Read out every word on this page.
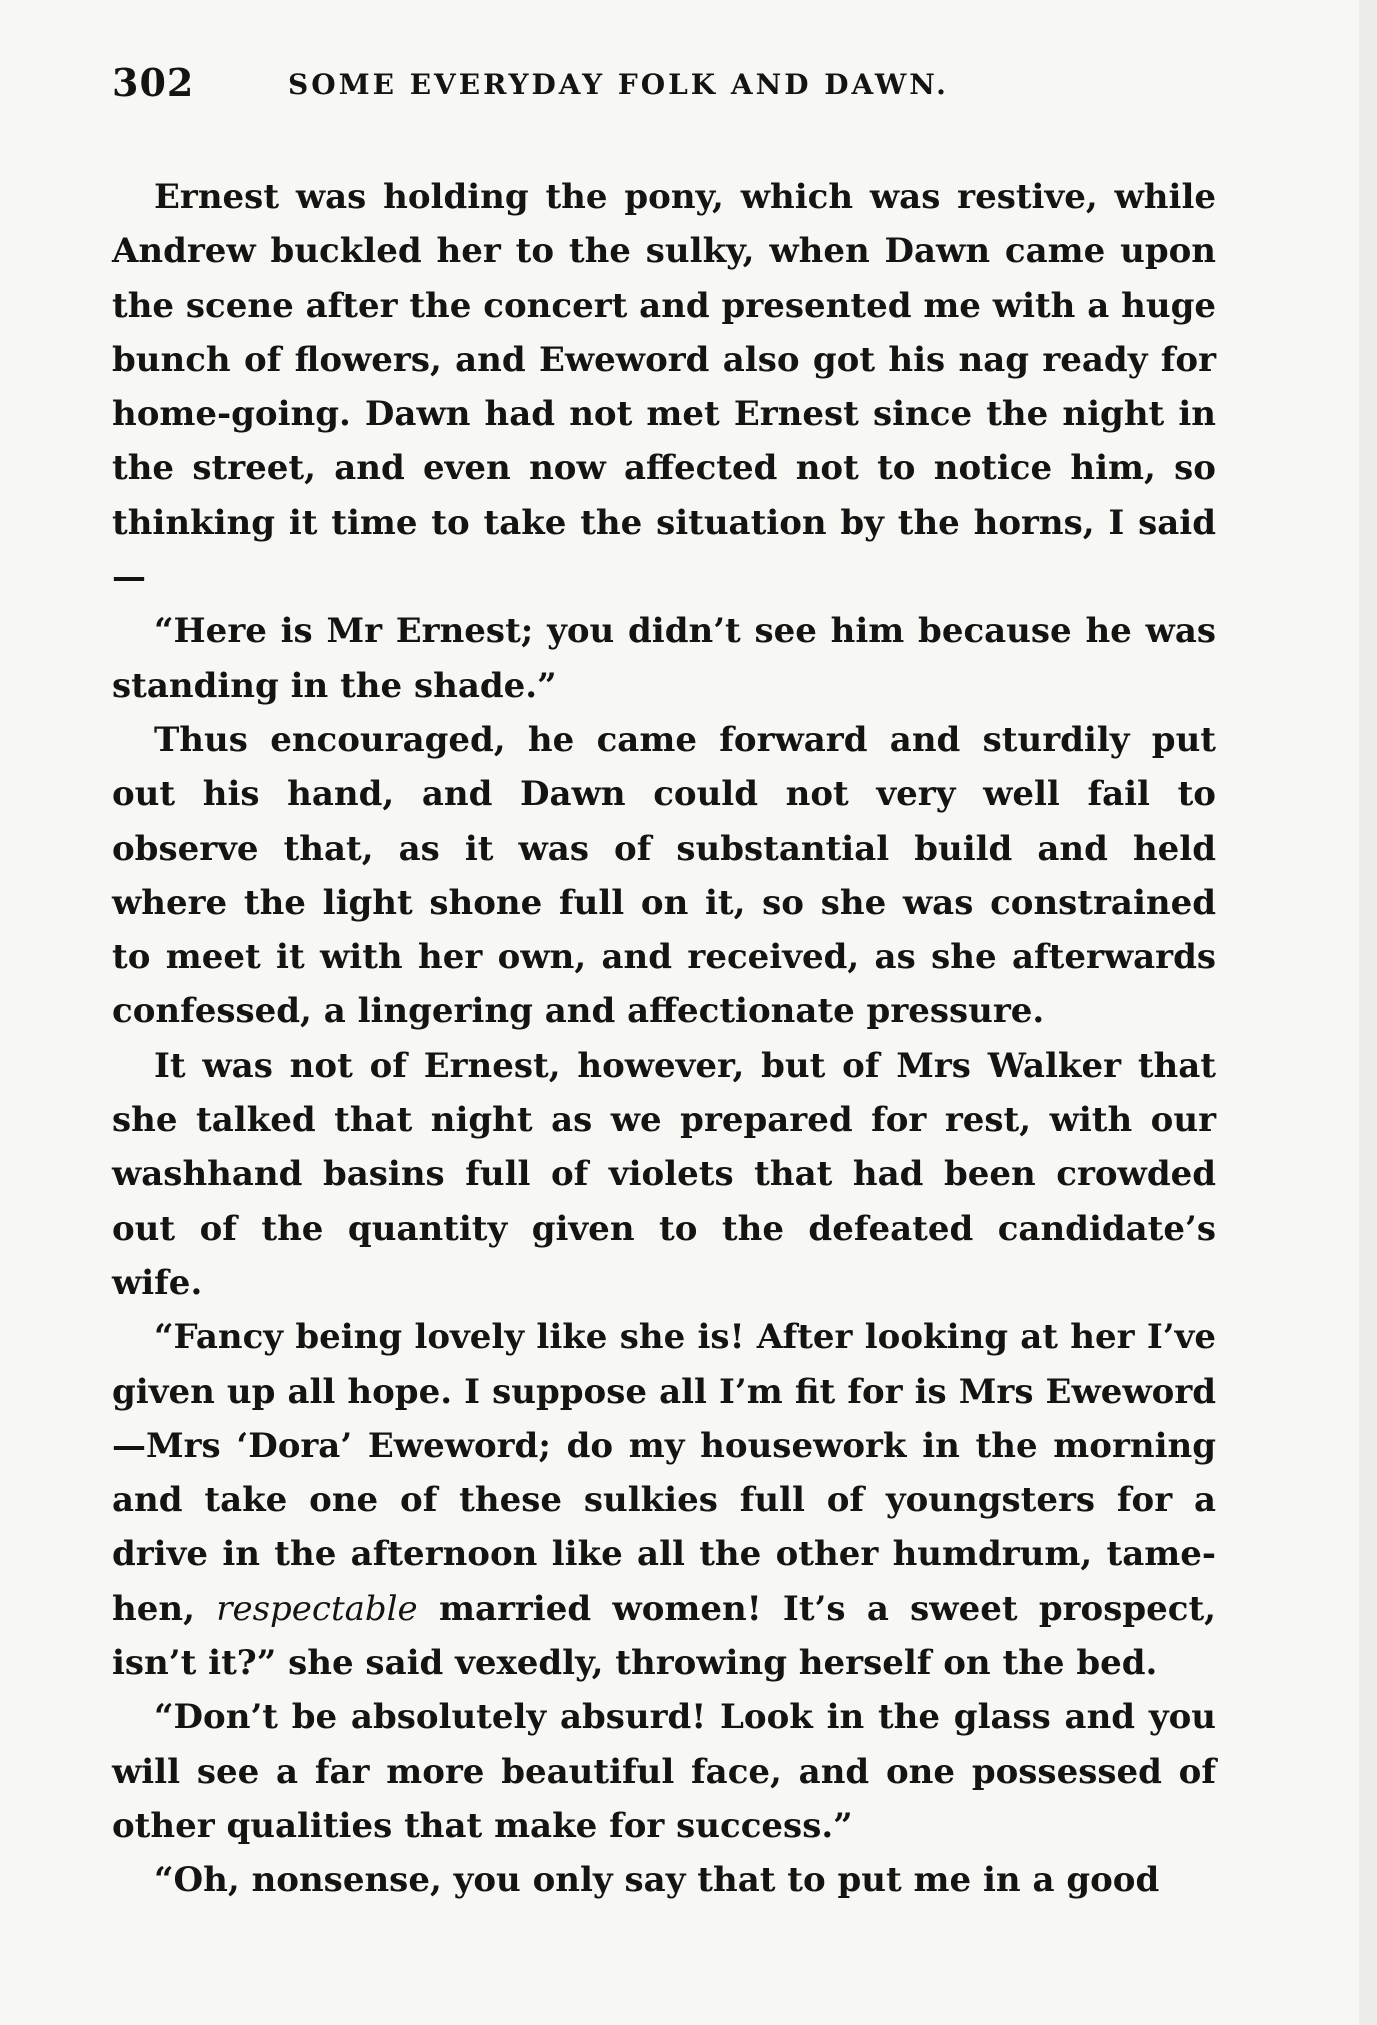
302	SOME EVERYDAY FOLK AND DAWN.

Ernest was holding the pony, which was restive, while Andrew buckled her to the sulky, when Dawn came upon the scene after the concert and presented me with a huge bunch of flowers, and Eweword also got his nag ready for home-going. Dawn had not met Ernest since the night in the street, and even now affected not to notice him, so thinking it time to take the situation by the horns, I said—

“Here is Mr Ernest; you didn’t see him because he was standing in the shade.”

Thus encouraged, he came forward and sturdily put out his hand, and Dawn could not very well fail to observe that, as it was of substantial build and held where the light shone full on it, so she was constrained to meet it with her own, and received, as she afterwards confessed, a lingering and affectionate pressure.

It was not of Ernest, however, but of Mrs Walker that she talked that night as we prepared for rest, with our washhand basins full of violets that had been crowded out of the quantity given to the defeated candidate’s wife.

“Fancy being lovely like she is! After looking at her I’ve given up all hope. I suppose all I’m fit for is Mrs Eweword—Mrs ‘Dora’ Eweword; do my housework in the morning and take one of these sulkies full of youngsters for a drive in the afternoon like all the other humdrum, tame-hen, respectable married women! It’s a sweet prospect, isn’t it?” she said vexedly, throwing herself on the bed.

“Don’t be absolutely absurd! Look in the glass and you will see a far more beautiful face, and one possessed of other qualities that make for success.”

“Oh, nonsense, you only say that to put me in a good
